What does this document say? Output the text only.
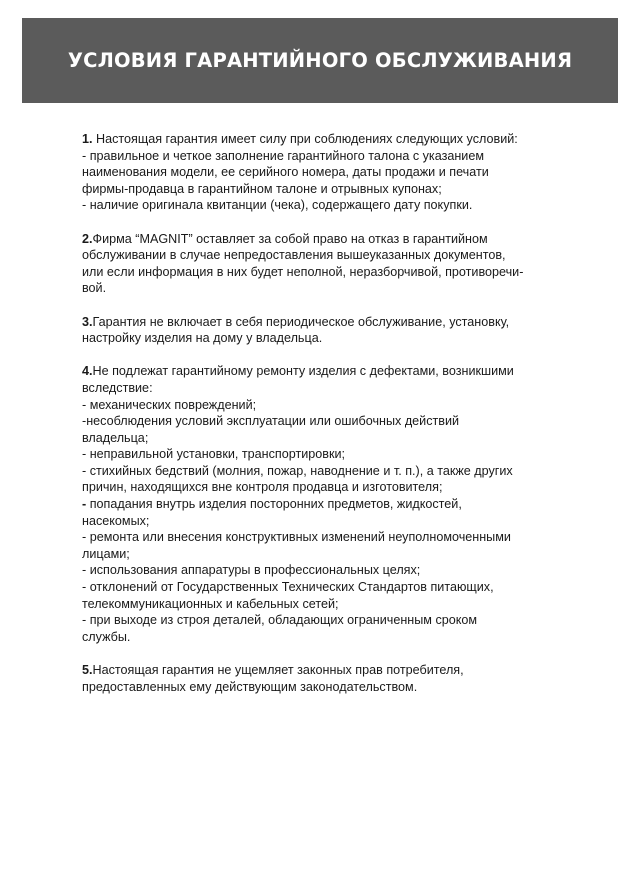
УСЛОВИЯ ГАРАНТИЙНОГО ОБСЛУЖИВАНИЯ
1. Настоящая гарантия имеет силу при соблюдениях следующих условий:
- правильное и четкое заполнение гарантийного талона с указанием
наименования модели, ее серийного номера, даты продажи и печати
фирмы-продавца в гарантийном талоне и отрывных купонах;
- наличие оригинала квитанции (чека), содержащего дату покупки.
2.Фирма “MAGNIT” оставляет за собой право на отказ в гарантийном
обслуживании в случае непредоставления вышеуказанных документов,
или если информация в них будет неполной, неразборчивой, противоречи-
вой.
3.Гарантия не включает в себя периодическое обслуживание, установку,
настройку изделия на дому у владельца.
4.Не подлежат гарантийному ремонту изделия с дефектами, возникшими
вследствие:
- механических повреждений;
-несоблюдения условий эксплуатации или ошибочных действий
владельца;
- неправильной установки, транспортировки;
- стихийных бедствий (молния, пожар, наводнение и т. п.), а также других
причин, находящихся вне контроля продавца и изготовителя;
- попадания внутрь изделия посторонних предметов, жидкостей,
насекомых;
- ремонта или внесения конструктивных изменений неуполномоченными
лицами;
- использования аппаратуры в профессиональных целях;
- отклонений от Государственных Технических Стандартов питающих,
телекоммуникационных и кабельных сетей;
- при выходе из строя деталей, обладающих ограниченным сроком
службы.
5.Настоящая гарантия не ущемляет законных прав потребителя,
предоставленных ему действующим законодательством.
